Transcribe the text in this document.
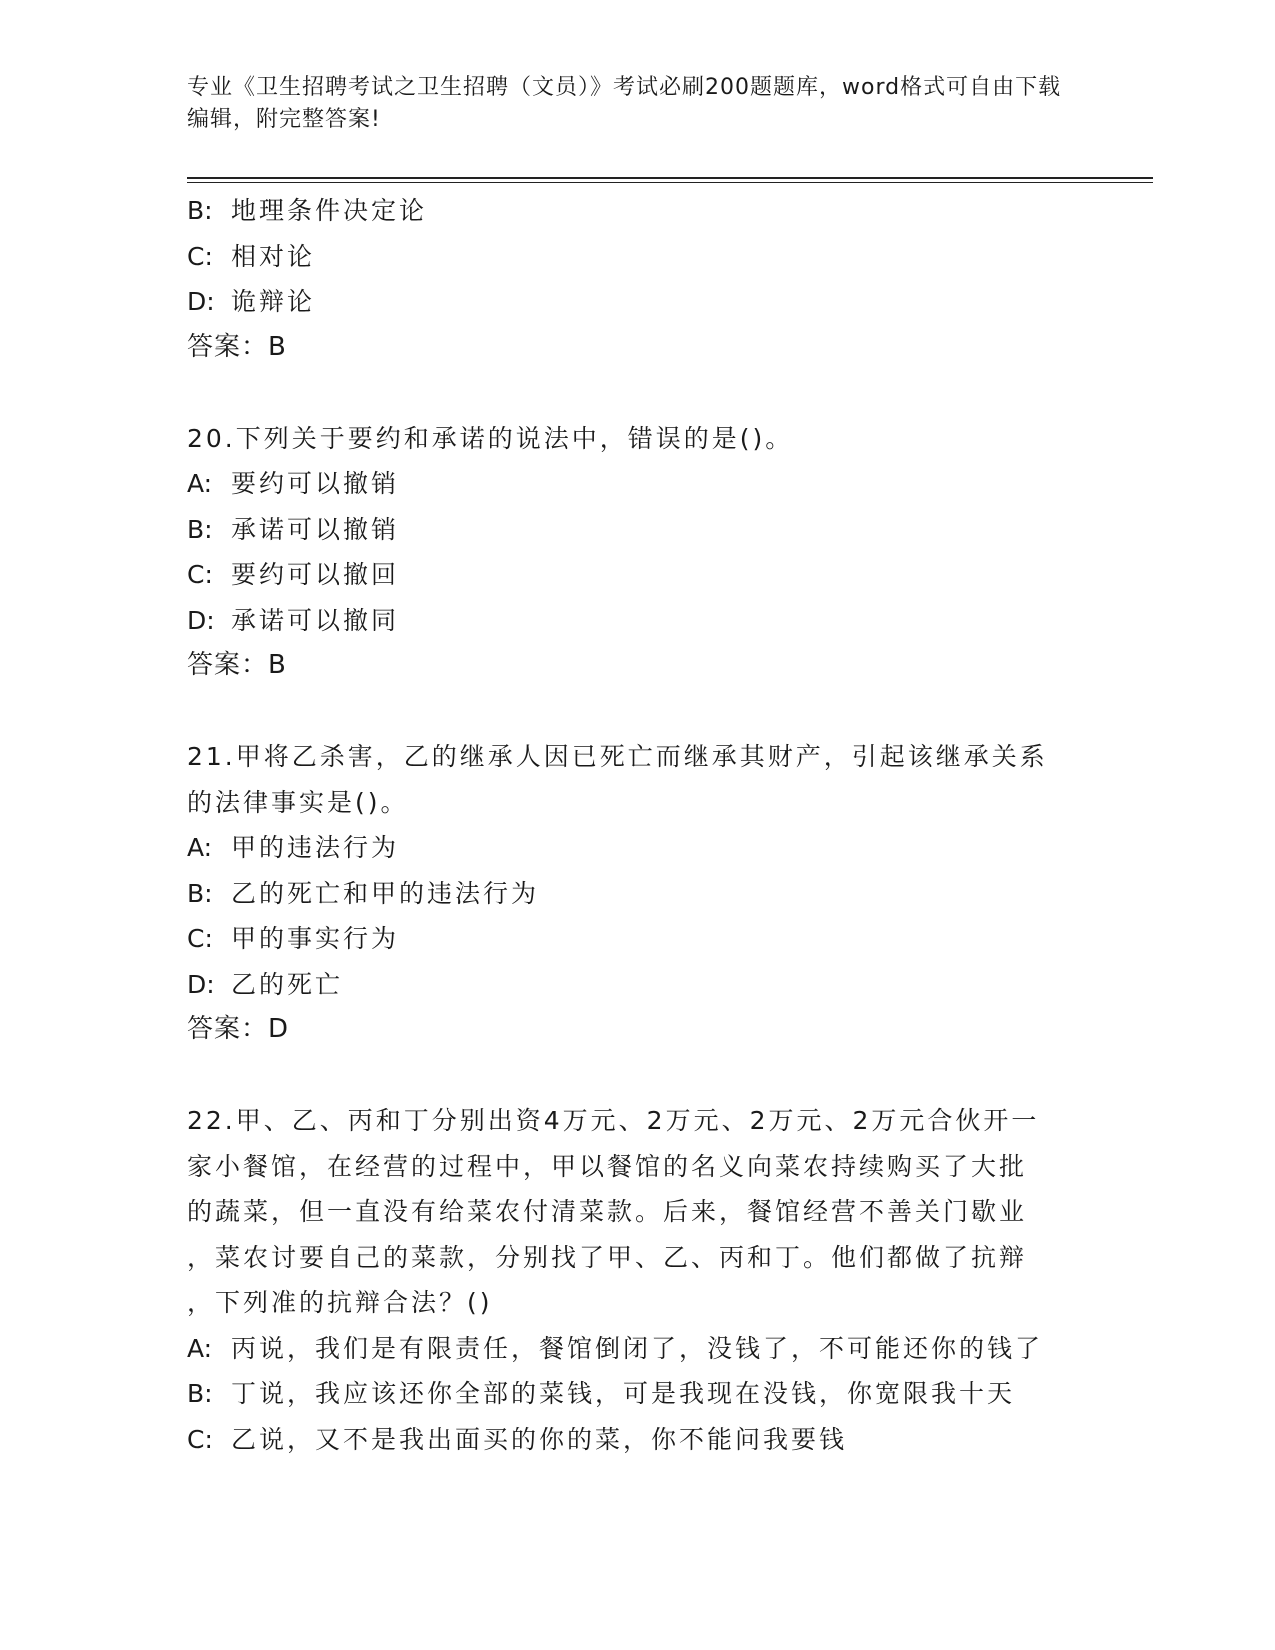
专业《卫生招聘考试之卫生招聘（文员）》考试必刷200题题库，word格式可自由下载编辑，附完整答案!
B: 地理条件决定论
C: 相对论
D: 诡辩论
答案：B
20.下列关于要约和承诺的说法中，错误的是()。
A: 要约可以撤销
B: 承诺可以撤销
C: 要约可以撤回
D: 承诺可以撤同
答案：B
21.甲将乙杀害，乙的继承人因已死亡而继承其财产，引起该继承关系
的法律事实是()。
A: 甲的违法行为
B: 乙的死亡和甲的违法行为
C: 甲的事实行为
D: 乙的死亡
答案：D
22.甲、乙、丙和丁分别出资4万元、2万元、2万元、2万元合伙开一
家小餐馆，在经营的过程中，甲以餐馆的名义向菜农持续购买了大批
的蔬菜，但一直没有给菜农付清菜款。后来，餐馆经营不善关门歇业
，菜农讨要自己的菜款，分别找了甲、乙、丙和丁。他们都做了抗辩
，下列准的抗辩合法？()
A: 丙说，我们是有限责任，餐馆倒闭了，没钱了，不可能还你的钱了
B: 丁说，我应该还你全部的菜钱，可是我现在没钱，你宽限我十天
C: 乙说，又不是我出面买的你的菜，你不能问我要钱
